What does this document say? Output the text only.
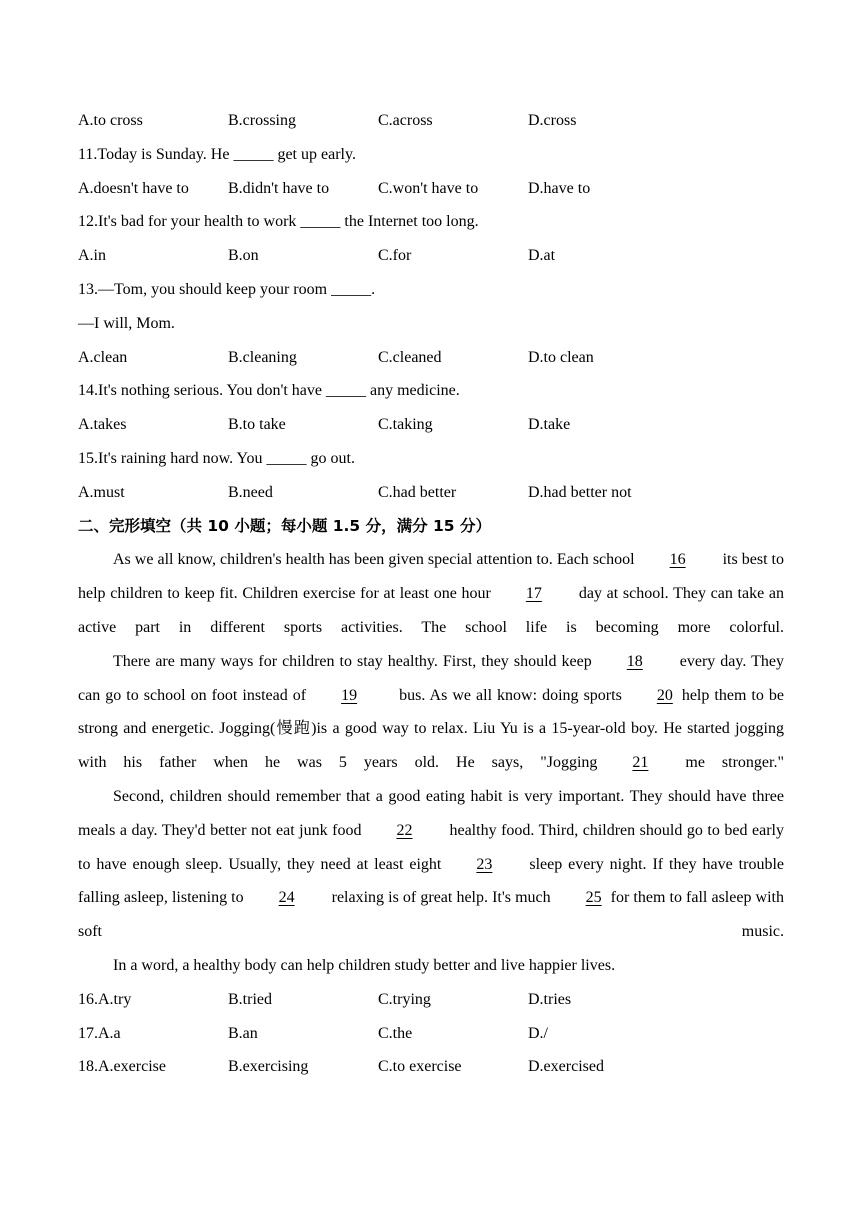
A.to cross	B.crossing	C.across	D.cross
11.Today is Sunday. He _____ get up early.
A.doesn't have to	B.didn't have to	C.won't have to	D.have to
12.It's bad for your health to work _____ the Internet too long.
A.in	B.on	C.for	D.at
13.—Tom, you should keep your room _____.
—I will, Mom.
A.clean	B.cleaning	C.cleaned	D.to clean
14.It's nothing serious. You don't have _____ any medicine.
A.takes	B.to take	C.taking	D.take
15.It's raining hard now. You _____ go out.
A.must	B.need	C.had better	D.had better not
二、完形填空（共 10 小题；每小题 1.5 分，满分 15 分）

As we all know, children's health has been given special attention to. Each school 16 its best to help children to keep fit. Children exercise for at least one hour 17 day at school. They can take an active part in different sports activities. The school life is becoming more colorful.

There are many ways for children to stay healthy. First, they should keep 18 every day. They can go to school on foot instead of 19 bus. As we all know: doing sports 20 help them to be strong and energetic. Jogging(慢跑)is a good way to relax. Liu Yu is a 15-year-old boy. He started jogging with his father when he was 5 years old. He says, "Jogging 21 me stronger."

Second, children should remember that a good eating habit is very important. They should have three meals a day. They'd better not eat junk food 22 healthy food. Third, children should go to bed early to have enough sleep. Usually, they need at least eight 23 sleep every night. If they have trouble falling asleep, listening to 24 relaxing is of great help. It's much 25 for them to fall asleep with soft music.

In a word, a healthy body can help children study better and live happier lives.

16.A.try	B.tried	C.trying	D.tries
17.A.a	B.an	C.the	D./
18.A.exercise	B.exercising	C.to exercise	D.exercised
